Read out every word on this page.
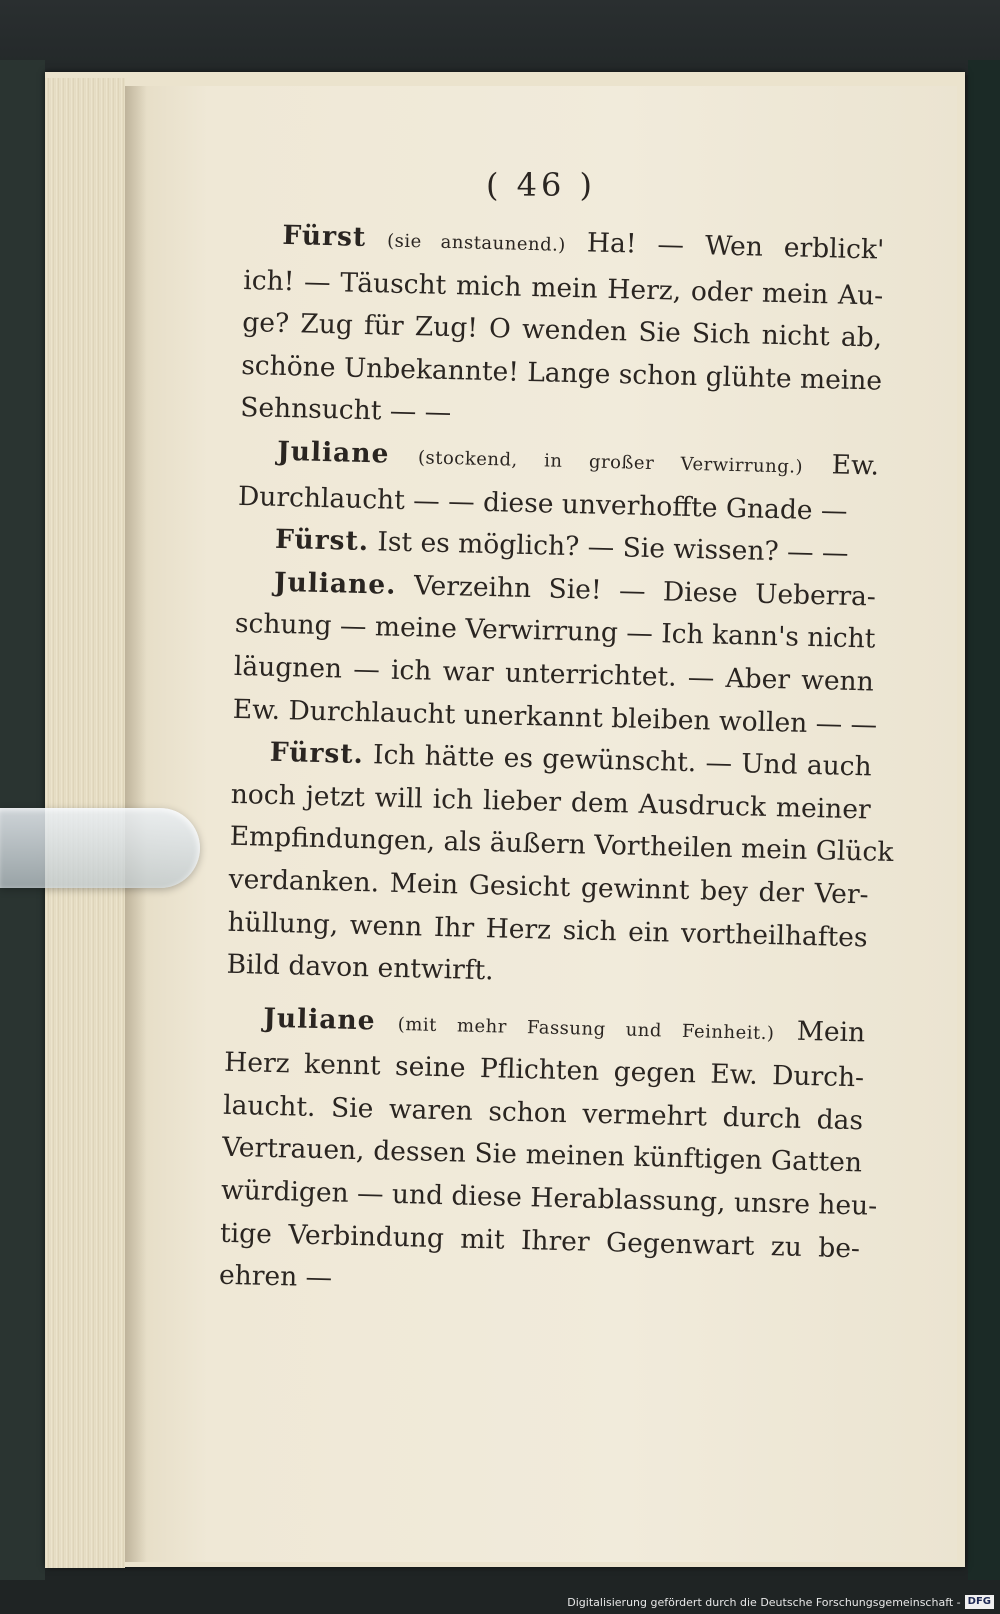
( 46 )
Fürst (sie anstaunend.) Ha! — Wen erblick'
ich! — Täuscht mich mein Herz, oder mein Au-
ge? Zug für Zug! O wenden Sie Sich nicht ab,
schöne Unbekannte! Lange schon glühte meine
Sehnsucht — —
Juliane (stockend, in großer Verwirrung.) Ew.
Durchlaucht — — diese unverhoffte Gnade —
Fürst. Ist es möglich? — Sie wissen? — —
Juliane. Verzeihn Sie! — Diese Ueberra-
schung — meine Verwirrung — Ich kann's nicht
läugnen — ich war unterrichtet. — Aber wenn
Ew. Durchlaucht unerkannt bleiben wollen — —
Fürst. Ich hätte es gewünscht. — Und auch
noch jetzt will ich lieber dem Ausdruck meiner
Empfindungen, als äußern Vortheilen mein Glück
verdanken. Mein Gesicht gewinnt bey der Ver-
hüllung, wenn Ihr Herz sich ein vortheilhaftes
Bild davon entwirft.
Juliane (mit mehr Fassung und Feinheit.) Mein
Herz kennt seine Pflichten gegen Ew. Durch-
laucht. Sie waren schon vermehrt durch das
Vertrauen, dessen Sie meinen künftigen Gatten
würdigen — und diese Herablassung, unsre heu-
tige Verbindung mit Ihrer Gegenwart zu be-
ehren —
Digitalisierung gefördert durch die Deutsche Forschungsgemeinschaft - DFG
